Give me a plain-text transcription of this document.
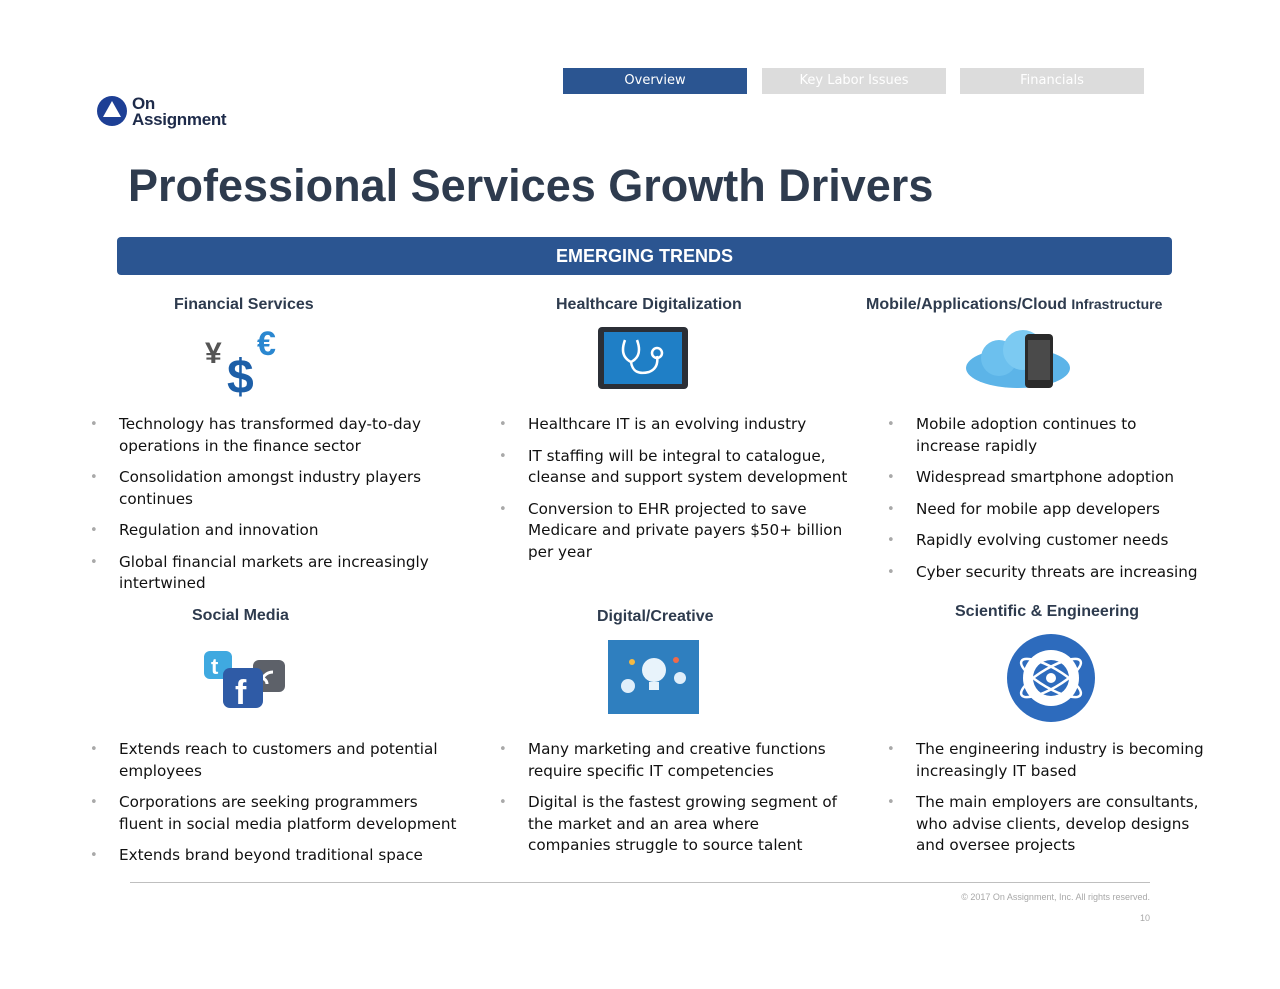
Overview	Key Labor Issues	Financials
On
Assignment
Professional Services Growth Drivers
EMERGING TRENDS
Financial Services	Healthcare Digitalization	Mobile/Applications/Cloud Infrastructure
¥ $
€
• Technology has transformed day-to-day operations in the finance sector
• Consolidation amongst industry players continues
• Regulation and innovation
• Global financial markets are increasingly intertwined
• Healthcare IT is an evolving industry
• IT staffing will be integral to catalogue, cleanse and support system development
• Conversion to EHR projected to save Medicare and private payers $50+ billion per year
• Mobile adoption continues to increase rapidly
• Widespread smartphone adoption
• Need for mobile app developers
• Rapidly evolving customer needs
• Cyber security threats are increasing
Social Media	Digital/Creative	Scientific & Engineering
t
f
• Extends reach to customers and potential employees
• Corporations are seeking programmers fluent in social media platform development
• Extends brand beyond traditional space
• Many marketing and creative functions require specific IT competencies
• Digital is the fastest growing segment of the market and an area where companies struggle to source talent
• The engineering industry is becoming increasingly IT based
• The main employers are consultants, who advise clients, develop designs and oversee projects
© 2017 On Assignment, Inc. All rights reserved.
10
